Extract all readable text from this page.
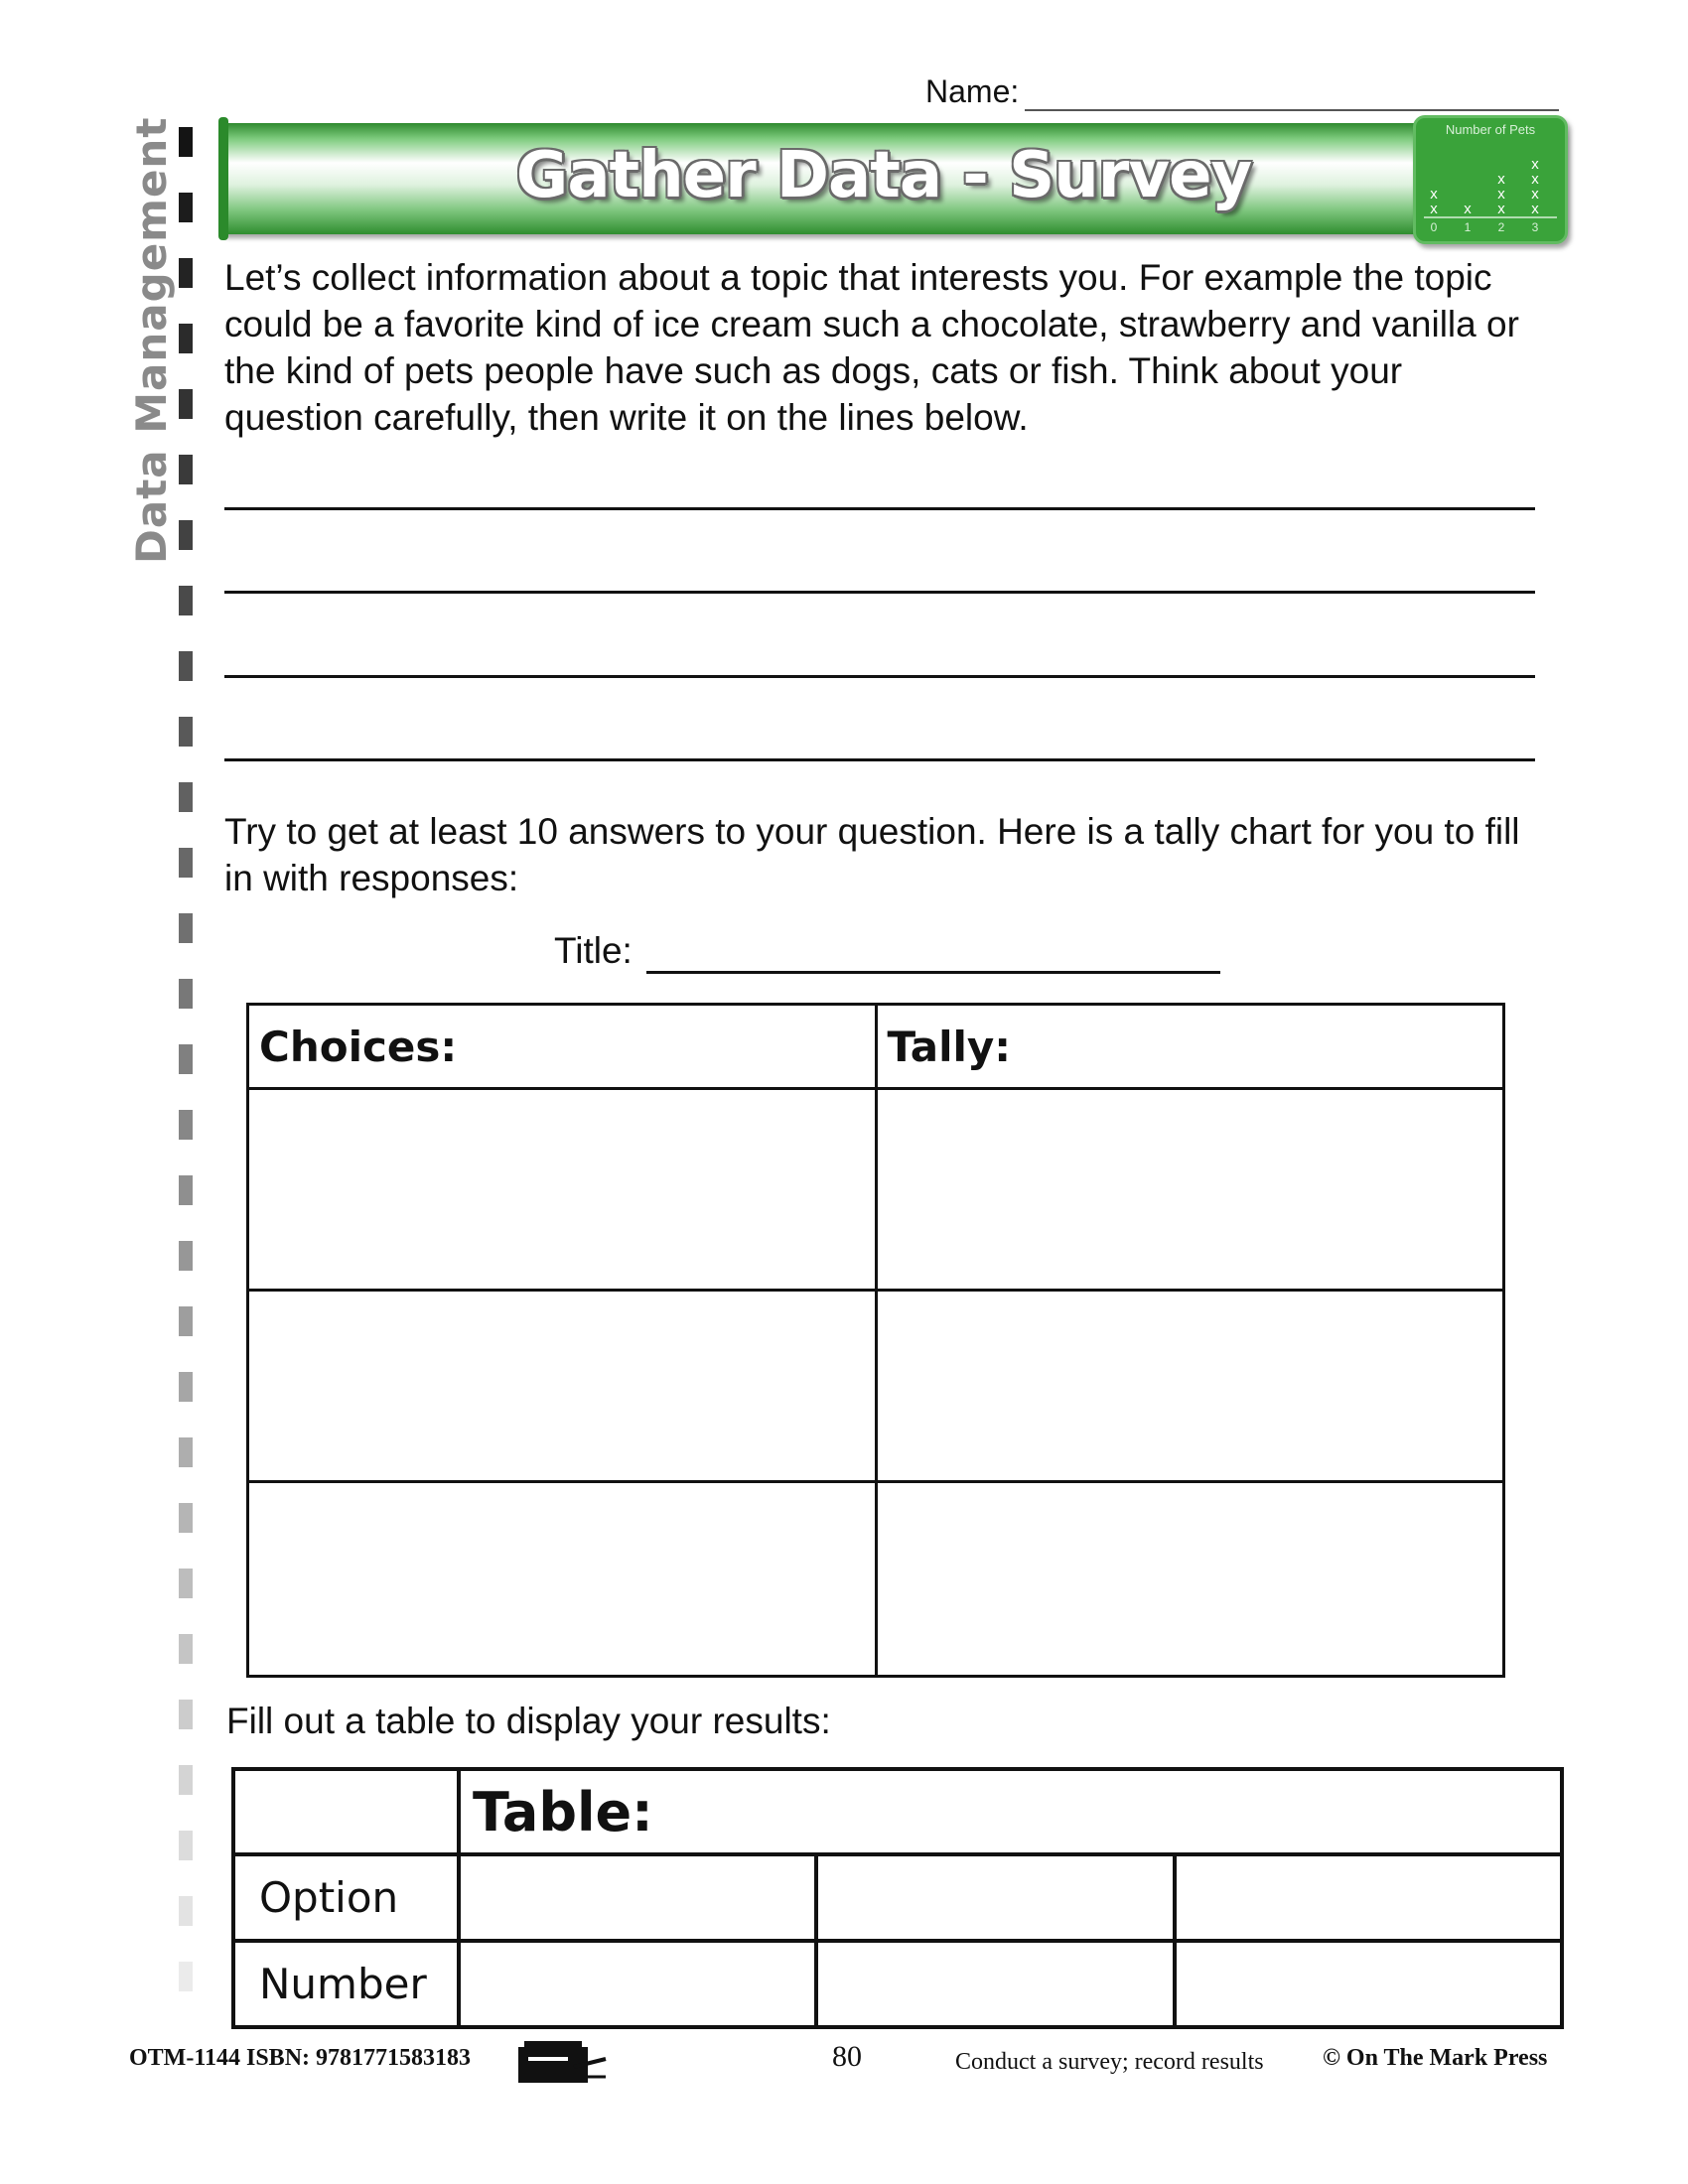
Data Management
Name:
Gather Data - Survey
Number of Pets
0
x
x
1
x
2
x
x
x
3
x
x
x
x

Let’s collect information about a topic that interests you. For example the topic could be a favorite kind of ice cream such a chocolate, strawberry and vanilla or the kind of pets people have such as dogs, cats or fish. Think about your question carefully, then write it on the lines below.

Try to get at least 10 answers to your question. Here is a tally chart for you to fill in with responses:

Title:
Choices:	Tally:

Fill out a table to display your results:

	Table:		
Option			
Number			
OTM-1144 ISBN: 9781771583183	80	Conduct a survey; record results © On The Mark Press
